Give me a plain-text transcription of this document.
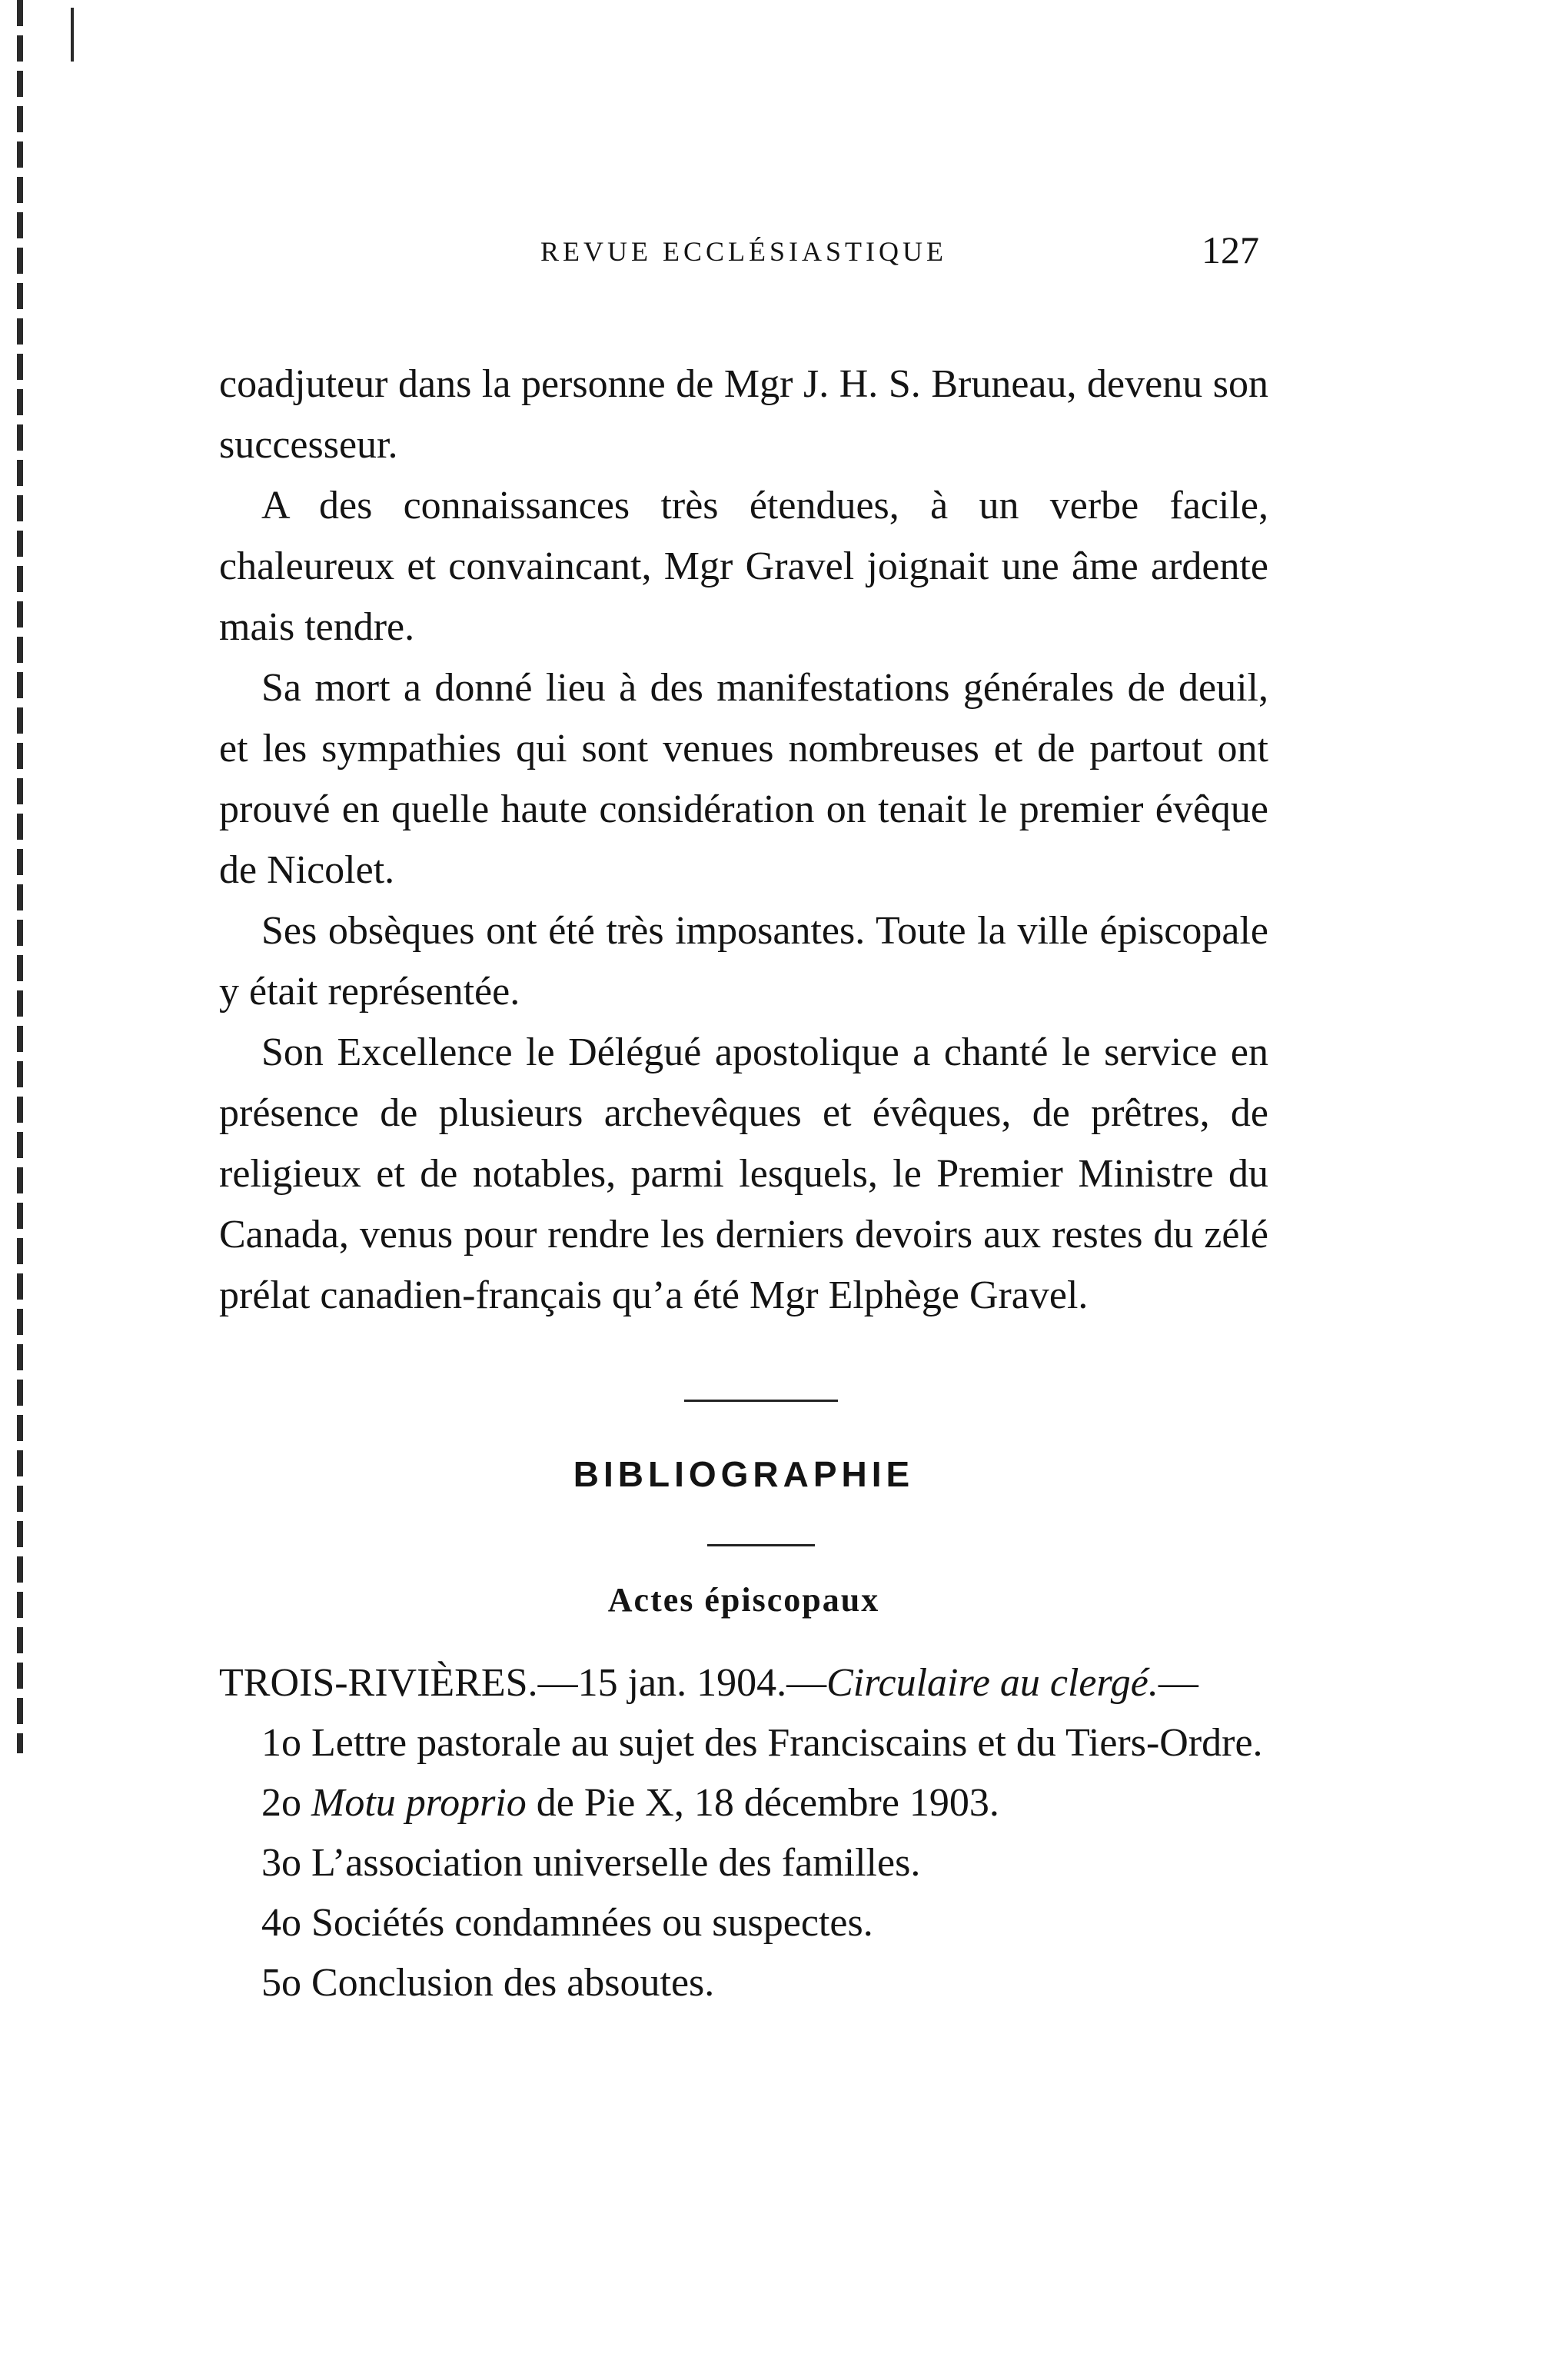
REVUE ECCLÉSIASTIQUE	127

coadjuteur dans la personne de Mgr J. H. S. Bruneau, devenu son successeur.

A des connaissances très étendues, à un verbe facile, chaleureux et convaincant, Mgr Gravel joignait une âme ardente mais tendre.

Sa mort a donné lieu à des manifestations générales de deuil, et les sympathies qui sont venues nombreuses et de partout ont prouvé en quelle haute considération on tenait le premier évêque de Nicolet.

Ses obsèques ont été très imposantes. Toute la ville épiscopale y était représentée.

Son Excellence le Délégué apostolique a chanté le service en présence de plusieurs archevêques et évêques, de prêtres, de religieux et de notables, parmi lesquels, le Premier Ministre du Canada, venus pour rendre les derniers devoirs aux restes du zélé prélat canadien-français qu’a été Mgr Elphège Gravel.

BIBLIOGRAPHIE
Actes épiscopaux
TROIS-RIVIÈRES.—15 jan. 1904.—Circulaire au clergé.—
1o Lettre pastorale au sujet des Franciscains et du Tiers-Ordre.
2o Motu proprio de Pie X, 18 décembre 1903.
3o L’association universelle des familles.
4o Sociétés condamnées ou suspectes.
5o Conclusion des absoutes.
